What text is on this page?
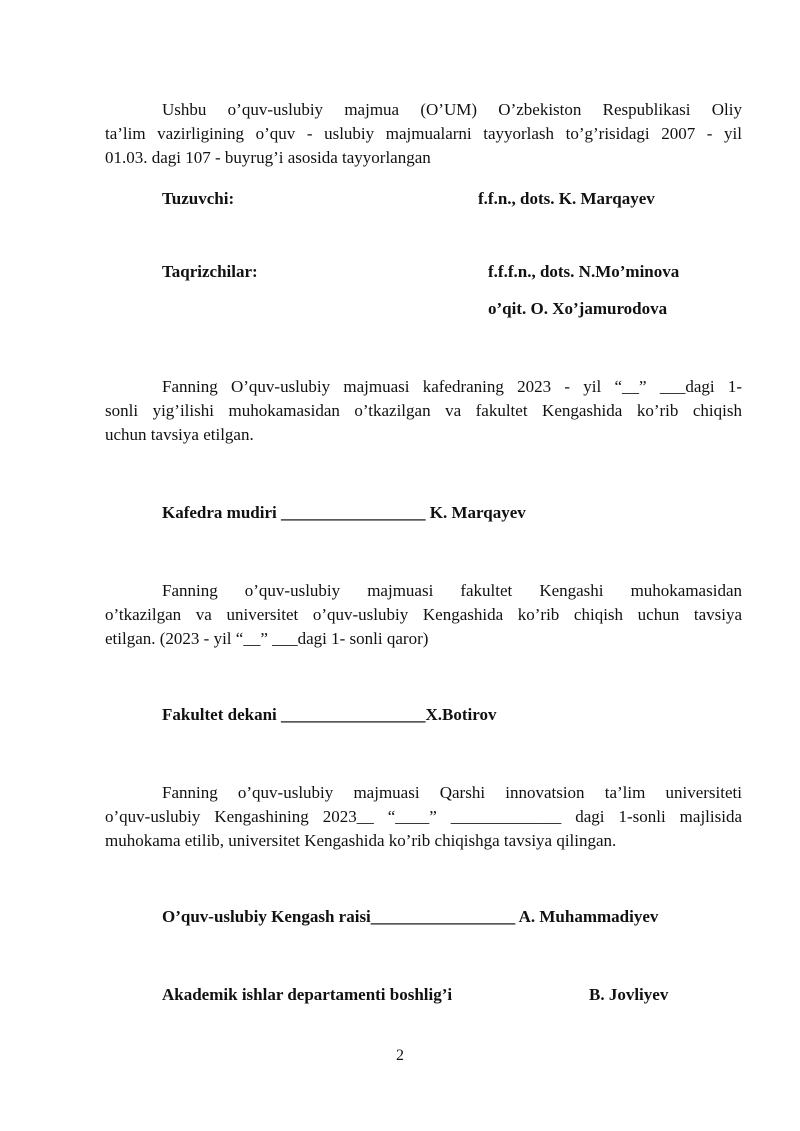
Ushbu o’quv-uslubiy majmua (O’UM) O’zbekiston Respublikasi Oliy
ta’lim vazirligining o’quv - uslubiy majmualarni tayyorlash to’g’risidagi 2007 - yil
01.03. dagi 107 - buyrug’i asosida tayyorlangan
Tuzuvchi:	f.f.n., dots. K. Marqayev
Taqrizchilar:	f.f.f.n., dots. N.Mo’minova
o’qit. O. Xo’jamurodova
Fanning O’quv-uslubiy majmuasi kafedraning 2023 - yil “__” ___dagi 1-
sonli yig’ilishi muhokamasidan o’tkazilgan va fakultet Kengashida ko’rib chiqish
uchun tavsiya etilgan.
Kafedra mudiri _________________ K. Marqayev
Fanning o’quv-uslubiy majmuasi fakultet Kengashi muhokamasidan
o’tkazilgan va universitet o’quv-uslubiy Kengashida ko’rib chiqish uchun tavsiya
etilgan. (2023 - yil “__” ___dagi 1- sonli qaror)
Fakultet dekani _________________X.Botirov
Fanning o’quv-uslubiy majmuasi Qarshi innovatsion ta’lim universiteti
o’quv-uslubiy Kengashining 2023__ “____” _____________ dagi 1-sonli majlisida
muhokama etilib, universitet Kengashida ko’rib chiqishga tavsiya qilingan.
O’quv-uslubiy Kengash raisi_________________ A. Muhammadiyev
Akademik ishlar departamenti boshlig’i	B. Jovliyev
2
